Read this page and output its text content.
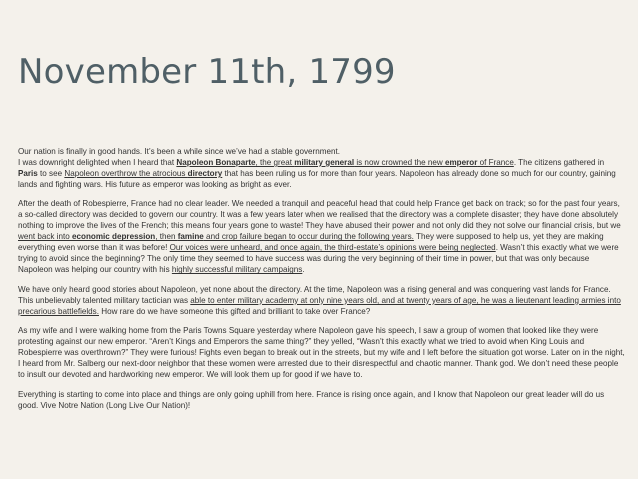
November 11th, 1799

Our nation is finally in good hands. It’s been a while since we’ve had a stable government.
I was downright delighted when I heard that Napoleon Bonaparte, the great military general is now crowned the new emperor of France. The citizens gathered in Paris to see Napoleon overthrow the atrocious directory that has been ruling us for more than four years. Napoleon has already done so much for our country, gaining lands and fighting wars. His future as emperor was looking as bright as ever.

After the death of Robespierre, France had no clear leader. We needed a tranquil and peaceful head that could help France get back on track; so for the past four years, a so-called directory was decided to govern our country. It was a few years later when we realised that the directory was a complete disaster; they have done absolutely nothing to improve the lives of the French; this means four years gone to waste! They have abused their power and not only did they not solve our financial crisis, but we went back into economic depression, then famine and crop failure began to occur during the following years. They were supposed to help us, yet they are making everything even worse than it was before! Our voices were unheard, and once again, the third-estate’s opinions were being neglected. Wasn’t this exactly what we were trying to avoid since the beginning? The only time they seemed to have success was during the very beginning of their time in power, but that was only because Napoleon was helping our country with his highly successful military campaigns.

We have only heard good stories about Napoleon, yet none about the directory. At the time, Napoleon was a rising general and was conquering vast lands for France. This unbelievably talented military tactician was able to enter military academy at only nine years old, and at twenty years of age, he was a lieutenant leading armies into precarious battlefields. How rare do we have someone this gifted and brilliant to take over France?

As my wife and I were walking home from the Paris Towns Square yesterday where Napoleon gave his speech, I saw a group of women that looked like they were protesting against our new emperor. “Aren’t Kings and Emperors the same thing?” they yelled, “Wasn’t this exactly what we tried to avoid when King Louis and Robespierre was overthrown?” They were furious! Fights even began to break out in the streets, but my wife and I left before the situation got worse. Later on in the night, I heard from Mr. Salberg our next-door neighbor that these women were arrested due to their disrespectful and chaotic manner. Thank god. We don’t need these people to insult our devoted and hardworking new emperor. We will look them up for good if we have to.

Everything is starting to come into place and things are only going uphill from here. France is rising once again, and I know that Napoleon our great leader will do us good. Vive Notre Nation (Long Live Our Nation)!
